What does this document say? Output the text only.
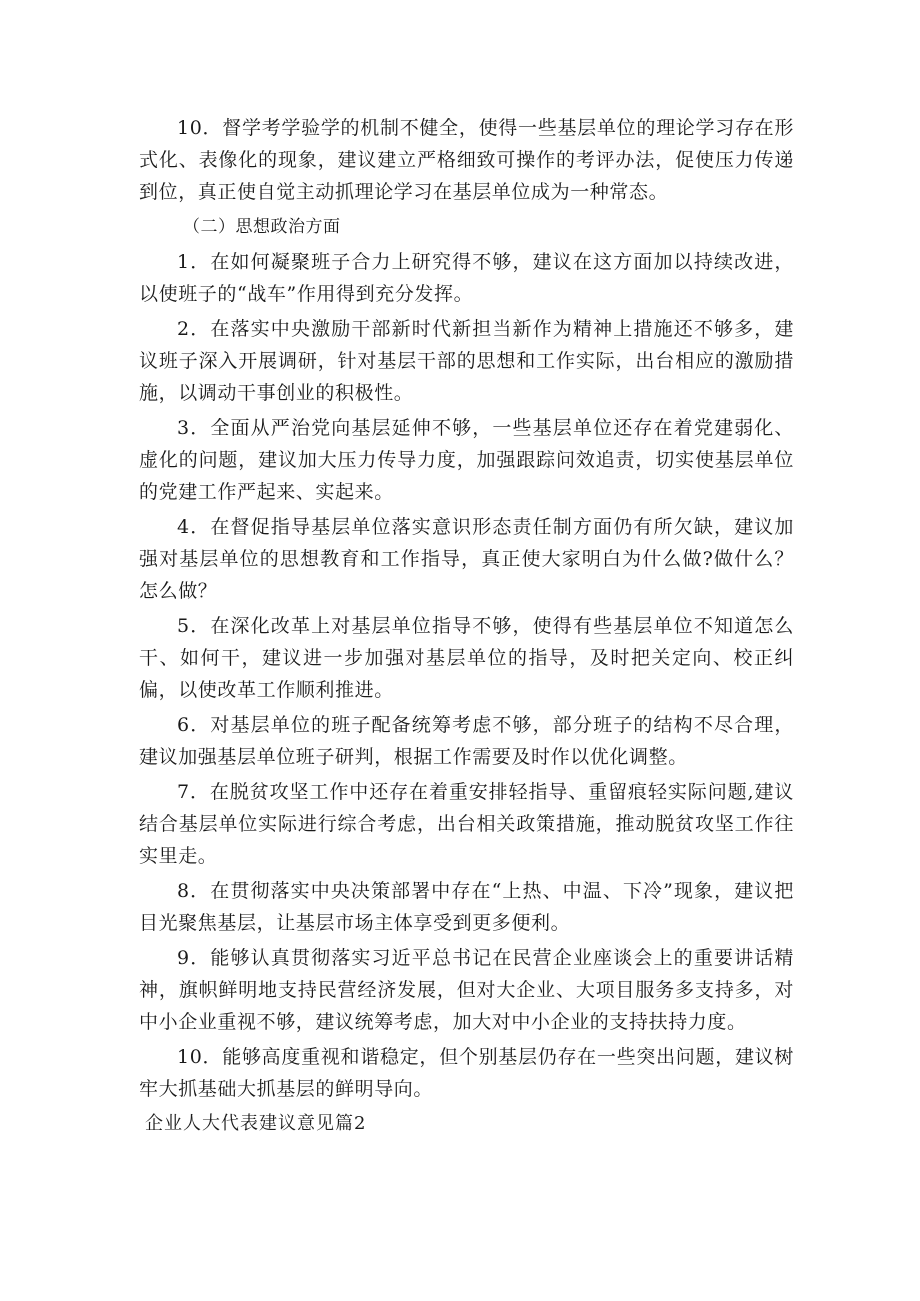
10．督学考学验学的机制不健全，使得一些基层单位的理论学习存在形式化、表像化的现象，建议建立严格细致可操作的考评办法，促使压力传递到位，真正使自觉主动抓理论学习在基层单位成为一种常态。

（二）思想政治方面

1．在如何凝聚班子合力上研究得不够，建议在这方面加以持续改进，以使班子的“战车”作用得到充分发挥。

2．在落实中央激励干部新时代新担当新作为精神上措施还不够多，建议班子深入开展调研，针对基层干部的思想和工作实际，出台相应的激励措施，以调动干事创业的积极性。

3．全面从严治党向基层延伸不够，一些基层单位还存在着党建弱化、虚化的问题，建议加大压力传导力度，加强跟踪问效追责，切实使基层单位的党建工作严起来、实起来。

4．在督促指导基层单位落实意识形态责任制方面仍有所欠缺，建议加强对基层单位的思想教育和工作指导，真正使大家明白为什么做?做什么？怎么做？

5．在深化改革上对基层单位指导不够，使得有些基层单位不知道怎么干、如何干，建议进一步加强对基层单位的指导，及时把关定向、校正纠偏，以使改革工作顺利推进。

6．对基层单位的班子配备统筹考虑不够，部分班子的结构不尽合理，建议加强基层单位班子研判，根据工作需要及时作以优化调整。

7．在脱贫攻坚工作中还存在着重安排轻指导、重留痕轻实际问题,建议结合基层单位实际进行综合考虑，出台相关政策措施，推动脱贫攻坚工作往实里走。

8．在贯彻落实中央决策部署中存在“上热、中温、下冷”现象，建议把目光聚焦基层，让基层市场主体享受到更多便利。

9．能够认真贯彻落实习近平总书记在民营企业座谈会上的重要讲话精神，旗帜鲜明地支持民营经济发展，但对大企业、大项目服务多支持多，对中小企业重视不够，建议统筹考虑，加大对中小企业的支持扶持力度。

10．能够高度重视和谐稳定，但个别基层仍存在一些突出问题，建议树牢大抓基础大抓基层的鲜明导向。

企业人大代表建议意见篇2
